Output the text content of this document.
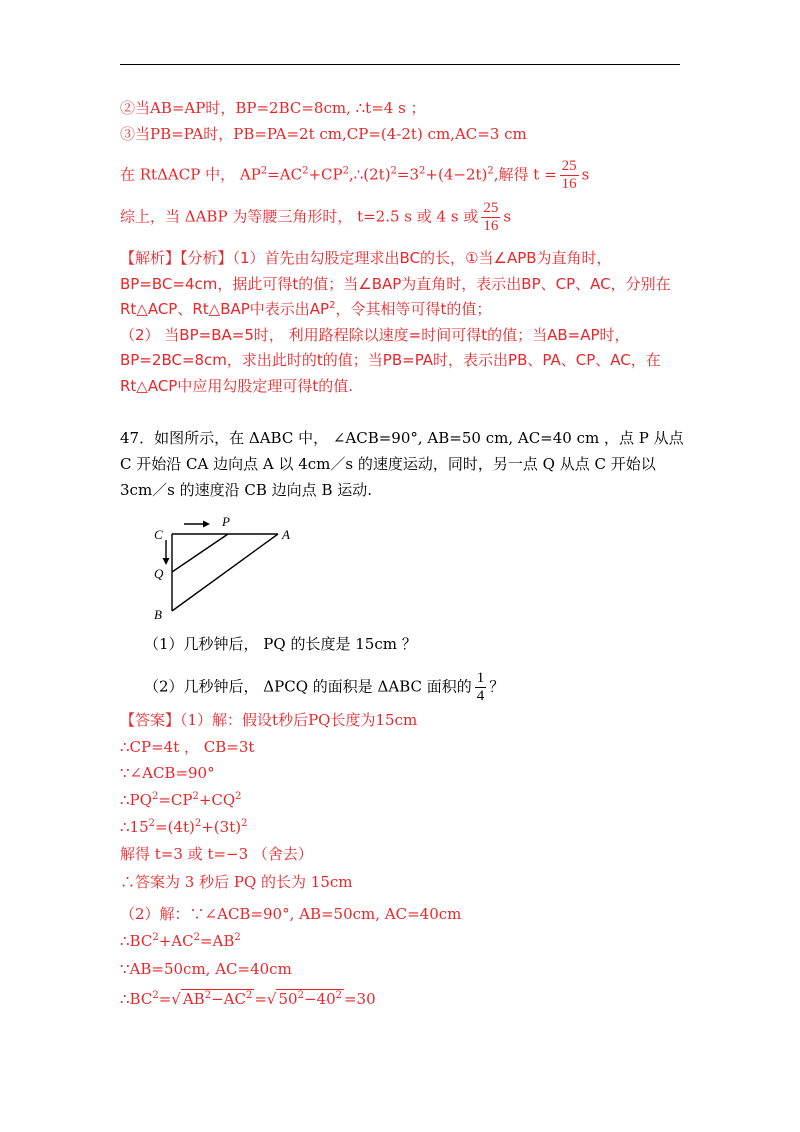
②当AB=AP时，BP=2BC=8cm, ∴t=4 s ；
③当PB=PA时，PB=PA=2t cm,CP=(4-2t) cm,AC=3 cm
在 RtΔACP 中， $AP^2=AC^2+CP^2,\therefore(2t)^2=3^2+(4-2t)^2$,解得 $t = \frac{25}{16}$ s
综上，当 ΔABP 为等腰三角形时， t=2.5 s 或 4 s 或 $\frac{25}{16}$ s
【解析】【分析】（1）首先由勾股定理求出BC的长，①当∠APB为直角时，
BP=BC=4cm，据此可得t的值；当∠BAP为直角时，表示出BP、CP、AC，分别在
Rt△ACP、Rt△BAP中表示出$AP^2$，令其相等可得t的值；
（2） 当BP=BA=5时， 利用路程除以速度=时间可得t的值；当AB=AP时，
BP=2BC=8cm，求出此时的t的值；当PB=PA时，表示出PB、PA、CP、AC，在
Rt△ACP中应用勾股定理可得t的值.
47．如图所示，在 ΔABC 中， ∠ACB=90°, AB=50 cm, AC=40 cm ，点 P 从点
C 开始沿 CA 边向点 A 以 4cm／s 的速度运动，同时，另一点 Q 从点 C 开始以
3cm／s 的速度沿 CB 边向点 B 运动.
C
P
A
Q
B
（1）几秒钟后， PQ 的长度是 15cm ？
（2）几秒钟后， ΔPCQ 的面积是 ΔABC 面积的 $\frac{1}{4}$ ？
【答案】（1）解：假设t秒后PQ长度为15cm
∴CP=4t ， CB=3t
∵∠ACB=90°
$\therefore PQ^2=CP^2+CQ^2$
$\therefore 15^2=(4t)^2+(3t)^2$
解得 t=3 或 t=−3 （舍去）
∴答案为 3 秒后 PQ 的长为 15cm
（2）解：∵∠ACB=90°, AB=50cm, AC=40cm
$\therefore BC^2+AC^2=AB^2$
∵AB=50cm, AC=40cm
$\therefore BC^2=√$ $AB^2-AC^2$ =√ $50^2-40^2 =30$
